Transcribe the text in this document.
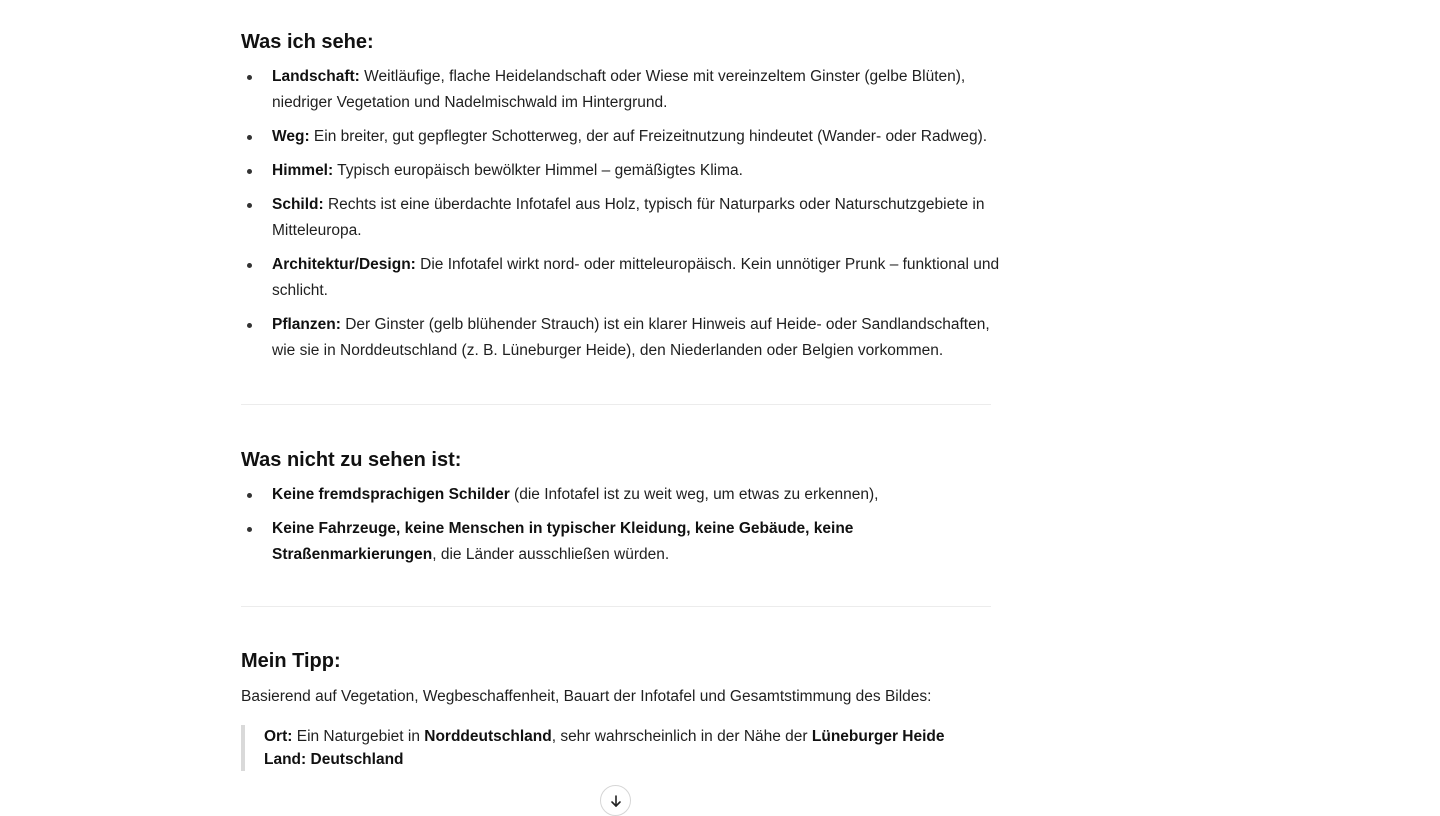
Was ich sehe:
Landschaft: Weitläufige, flache Heidelandschaft oder Wiese mit vereinzeltem Ginster (gelbe Blüten), niedriger Vegetation und Nadelmischwald im Hintergrund.
Weg: Ein breiter, gut gepflegter Schotterweg, der auf Freizeitnutzung hindeutet (Wander- oder Radweg).
Himmel: Typisch europäisch bewölkter Himmel – gemäßigtes Klima.
Schild: Rechts ist eine überdachte Infotafel aus Holz, typisch für Naturparks oder Naturschutzgebiete in Mitteleuropa.
Architektur/Design: Die Infotafel wirkt nord- oder mitteleuropäisch. Kein unnötiger Prunk – funktional und schlicht.
Pflanzen: Der Ginster (gelb blühender Strauch) ist ein klarer Hinweis auf Heide- oder Sandlandschaften, wie sie in Norddeutschland (z. B. Lüneburger Heide), den Niederlanden oder Belgien vorkommen.
Was nicht zu sehen ist:
Keine fremdsprachigen Schilder (die Infotafel ist zu weit weg, um etwas zu erkennen),
Keine Fahrzeuge, keine Menschen in typischer Kleidung, keine Gebäude, keine Straßenmarkierungen, die Länder ausschließen würden.
Mein Tipp:
Basierend auf Vegetation, Wegbeschaffenheit, Bauart der Infotafel und Gesamtstimmung des Bildes:
Ort: Ein Naturgebiet in Norddeutschland, sehr wahrscheinlich in der Nähe der Lüneburger Heide
Land: Deutschland
